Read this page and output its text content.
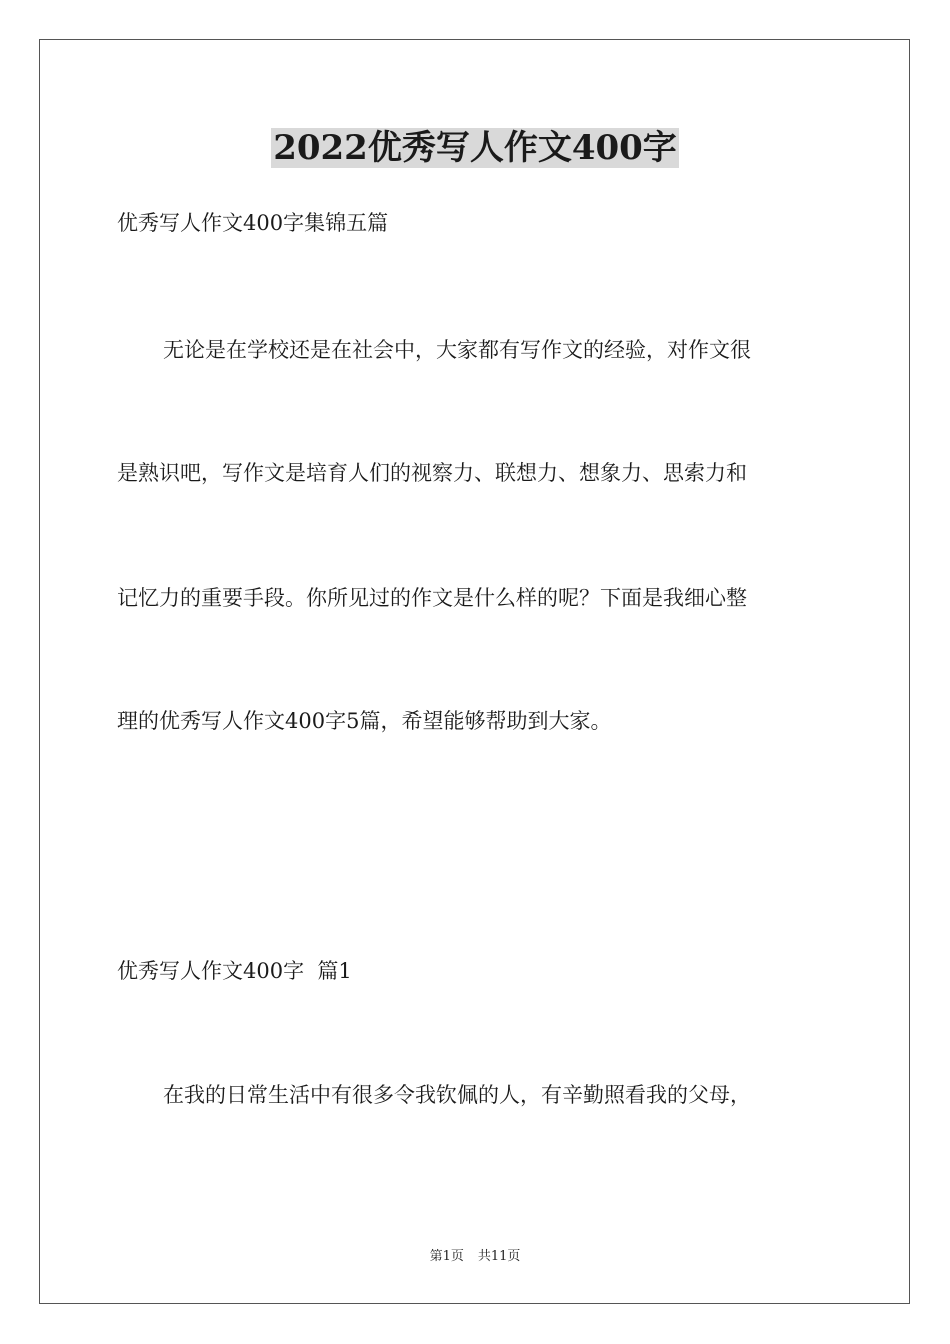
2022优秀写人作文400字

优秀写人作文400字集锦五篇

无论是在学校还是在社会中，大家都有写作文的经验，对作文很

是熟识吧，写作文是培育人们的视察力、联想力、想象力、思索力和

记忆力的重要手段。你所见过的作文是什么样的呢？下面是我细心整

理的优秀写人作文400字5篇，希望能够帮助到大家。

优秀写人作文400字  篇1

在我的日常生活中有很多令我钦佩的人，有辛勤照看我的父母，

第1页 共11页
